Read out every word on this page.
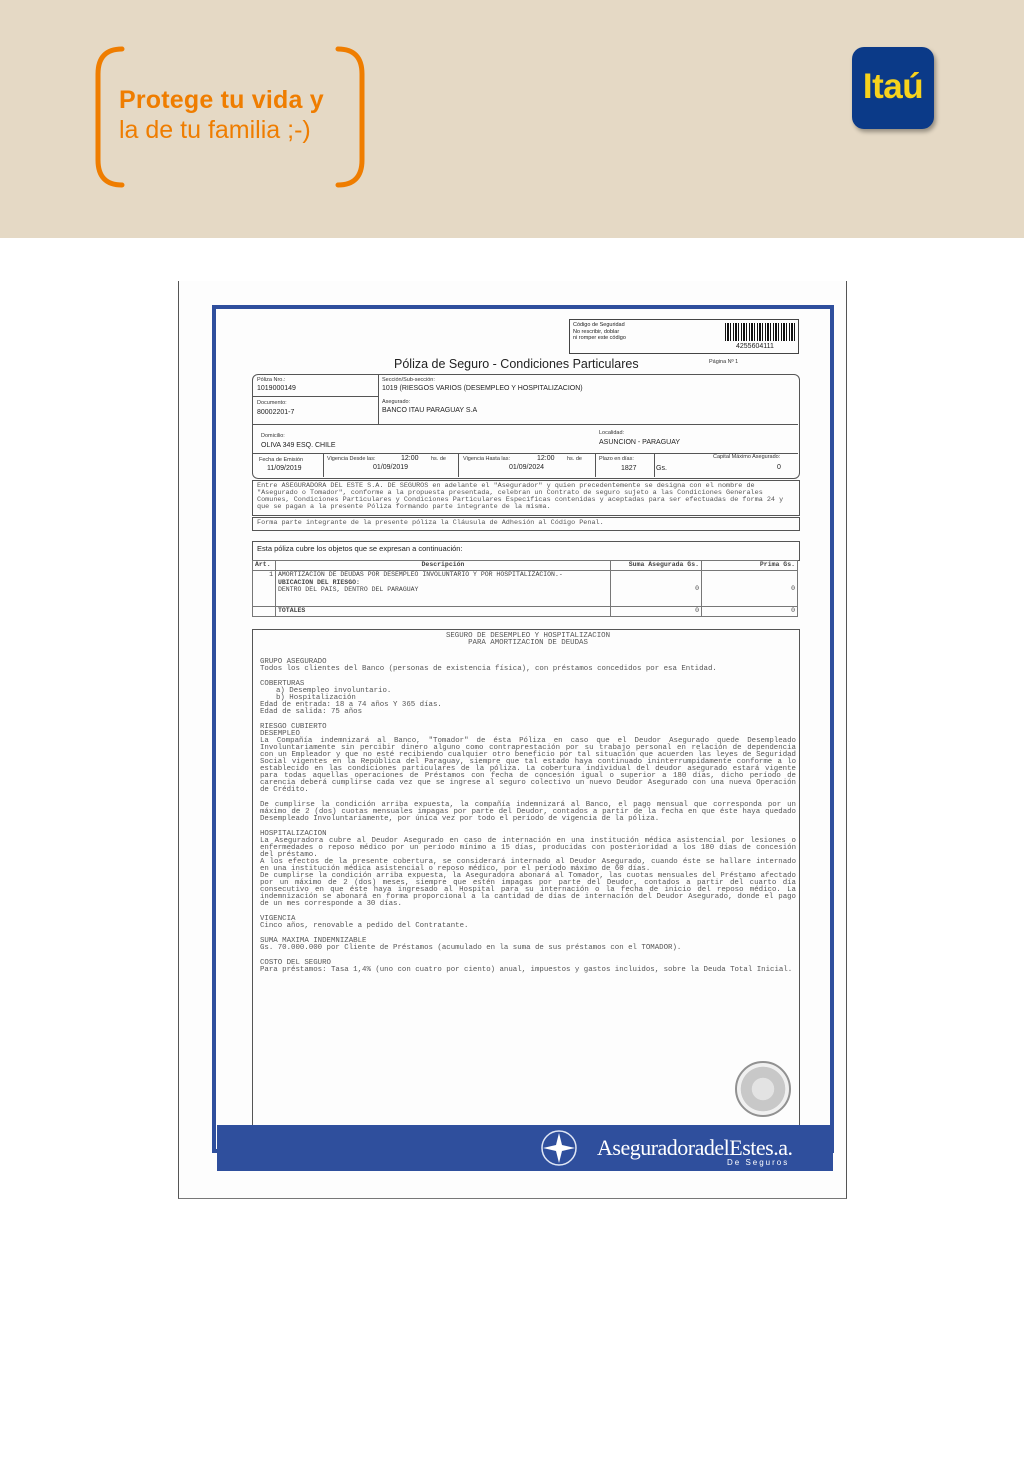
Protege tu vida y
la de tu familia ;-)
Itaú
Código de Seguridad
No rescribir, doblar
ni romper este código
4255604111
Póliza de Seguro - Condiciones Particulares	Página Nº 1
Póliza Nro.:
1019000149
Sección/Sub-sección:
1019 (RIESGOS VARIOS (DESEMPLEO Y HOSPITALIZACION)
Documento:
80002201-7
Asegurado:
BANCO ITAU PARAGUAY S.A
Domicilio:
OLIVA 349 ESQ. CHILE
Localidad:
ASUNCION - PARAGUAY
Fecha de Emisión
11/09/2019
Vigencia Desde las:	12:00 hs. de
01/09/2019
Vigencia Hasta las:	12:00 hs. de
01/09/2024
Plazo en días:
1827	Gs.
Capital Máximo Asegurado:
0
Entre ASEGURADORA DEL ESTE S.A. DE SEGUROS en adelante el "Asegurador" y quien precedentemente se designa con el nombre de "Asegurado o Tomador", conforme a la propuesta presentada, celebran un Contrato de seguro sujeto a las Condiciones Generales Comunes, Condiciones Particulares y Condiciones Particulares Especificas contenidas y aceptadas para ser efectuadas de forma 24 y que se pagan a la presente Póliza formando parte integrante de la misma.
Forma parte integrante de la presente póliza la Cláusula de Adhesión al Código Penal.
Esta póliza cubre los objetos que se expresan a continuación:
Art.	Descripción	Suma Asegurada Gs.	Prima Gs.
1	AMORTIZACION DE DEUDAS POR DESEMPLEO INVOLUNTARIO Y POR HOSPITALIZACION.-
UBICACION DEL RIESGO:
DENTRO DEL PAIS, DENTRO DEL PARAGUAY	0	0
	TOTALES	0	0
SEGURO DE DESEMPLEO Y HOSPITALIZACION
PARA AMORTIZACION DE DEUDAS

GRUPO ASEGURADO
Todos los clientes del Banco (personas de existencia física), con préstamos concedidos por esa Entidad.

COBERTURAS
a) Desempleo involuntario.
b) Hospitalización
Edad de entrada: 18 a 74 años Y 365 días.
Edad de salida: 75 años

RIESGO CUBIERTO
DESEMPLEO
La Compañía indemnizará al Banco, "Tomador" de ésta Póliza en caso que el Deudor Asegurado quede Desempleado Involuntariamente sin percibir dinero alguno como contraprestación por su trabajo personal en relación de dependencia con un Empleador y que no esté recibiendo cualquier otro beneficio por tal situación que acuerden las leyes de Seguridad Social vigentes en la República del Paraguay, siempre que tal estado haya continuado ininterrumpidamente conforme a lo establecido en las condiciones particulares de la póliza. La cobertura individual del deudor asegurado estará vigente para todas aquellas operaciones de Préstamos con fecha de concesión igual o superior a 180 días, dicho período de carencia deberá cumplirse cada vez que se ingrese al seguro colectivo un nuevo Deudor Asegurado con una nueva Operación de Crédito.

De cumplirse la condición arriba expuesta, la compañía indemnizará al Banco, el pago mensual que corresponda por un máximo de 2 (dos) cuotas mensuales impagas por parte del Deudor, contados a partir de la fecha en que éste haya quedado Desempleado Involuntariamente, por única vez por todo el período de vigencia de la póliza.

HOSPITALIZACION
La Aseguradora cubre al Deudor Asegurado en caso de internación en una institución médica asistencial por lesiones o enfermedades o reposo médico por un período mínimo a 15 días, producidas con posterioridad a los 180 días de concesión del préstamo.
A los efectos de la presente cobertura, se considerará internado al Deudor Asegurado, cuando éste se hallare internado en una institución médica asistencial o reposo médico, por el período máximo de 60 días.
De cumplirse la condición arriba expuesta, la Aseguradora abonará al Tomador, las cuotas mensuales del Préstamo afectado por un máximo de 2 (dos) meses, siempre que estén impagas por parte del Deudor, contados a partir del cuarto día consecutivo en que éste haya ingresado al Hospital para su internación o la fecha de inicio del reposo médico. La indemnización se abonará en forma proporcional a la cantidad de días de internación del Deudor Asegurado, donde el pago de un mes corresponde a 30 días.

VIGENCIA
Cinco años, renovable a pedido del Contratante.

SUMA MAXIMA INDEMNIZABLE
Gs. 70.000.000 por Cliente de Préstamos (acumulado en la suma de sus préstamos con el TOMADOR).

COSTO DEL SEGURO
Para préstamos: Tasa 1,4% (uno con cuatro por ciento) anual, impuestos y gastos incluidos, sobre la Deuda Total Inicial.

AseguradoradelEstes.a.
De Seguros
